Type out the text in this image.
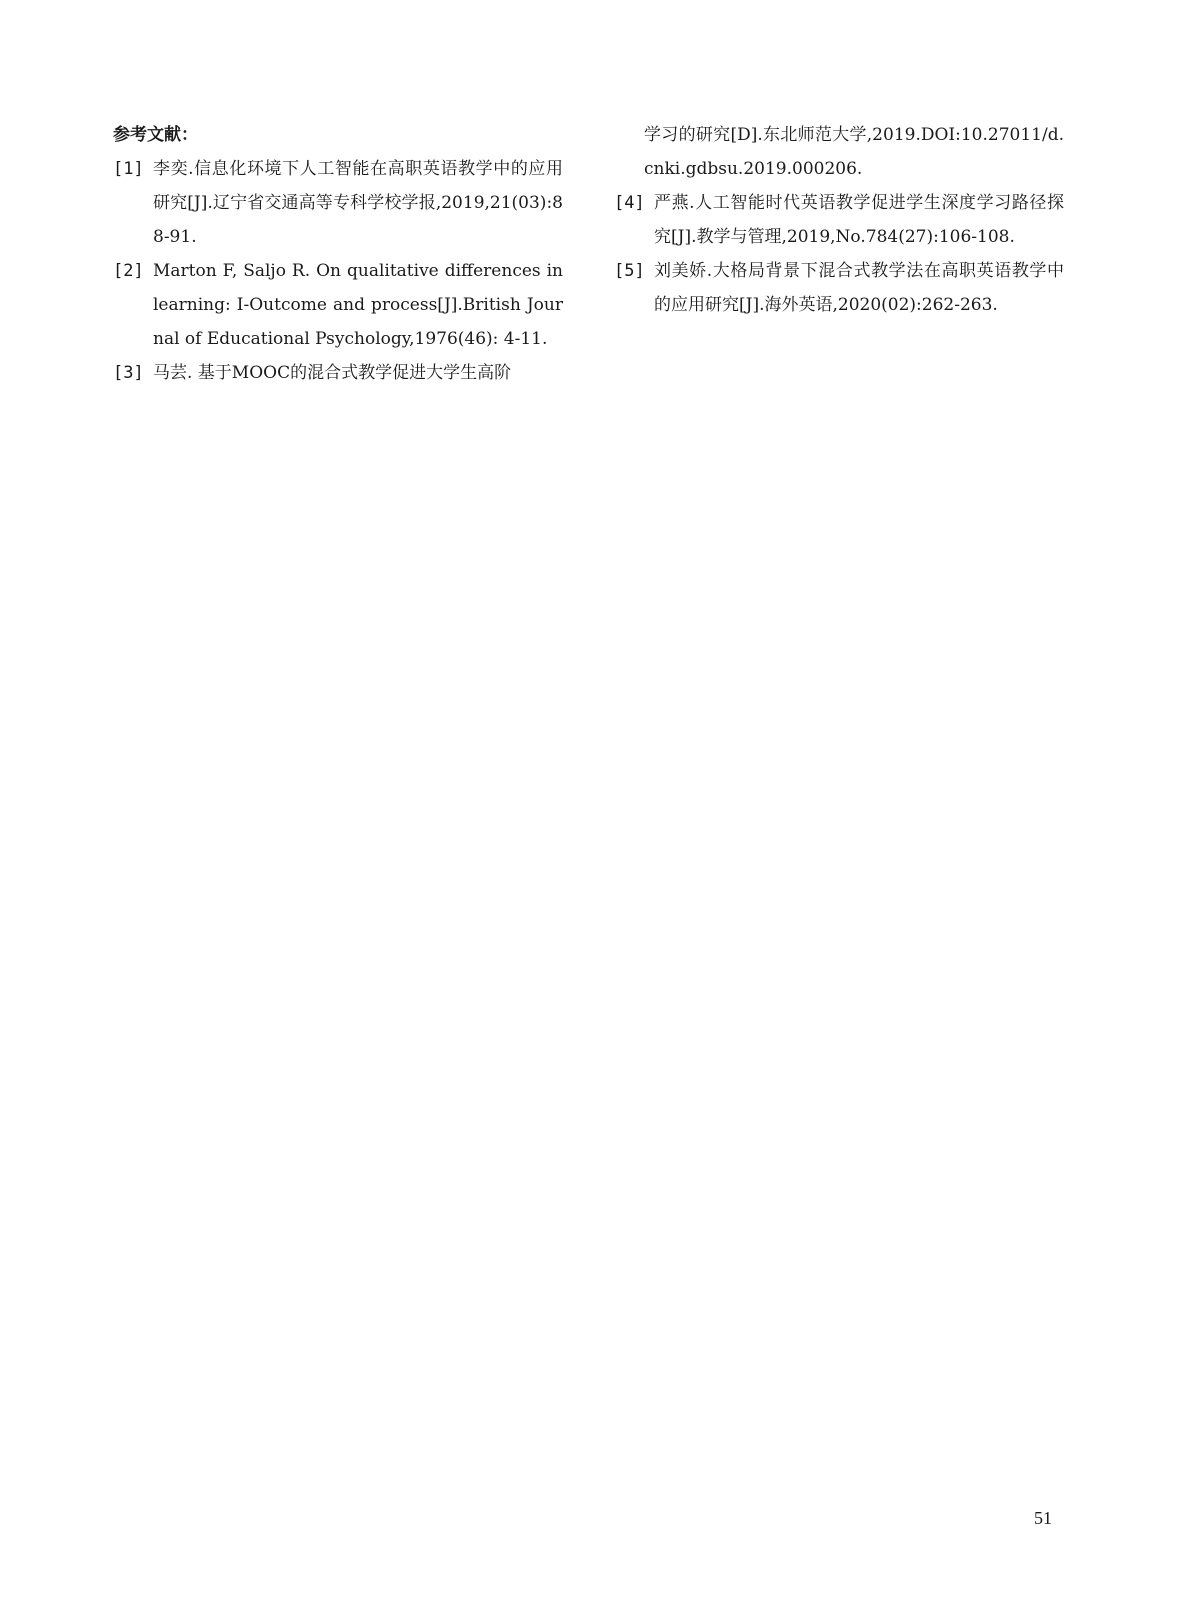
参考文献：
[1] 李奕.信息化环境下人工智能在高职英语教学中的应用研究[J].辽宁省交通高等专科学校学报,2019,21(03):88-91.
[2] Marton F, Saljo R. On qualitative differences in learning: I-Outcome and process[J].British Journal of Educational Psychology,1976(46): 4-11.
[3] 马芸. 基于MOOC的混合式教学促进大学生高阶
学习的研究[D].东北师范大学,2019.DOI:10.27011/d.cnki.gdbsu.2019.000206.
[4] 严燕.人工智能时代英语教学促进学生深度学习路径探究[J].教学与管理,2019,No.784(27):106-108.
[5] 刘美娇.大格局背景下混合式教学法在高职英语教学中的应用研究[J].海外英语,2020(02):262-263.
51
